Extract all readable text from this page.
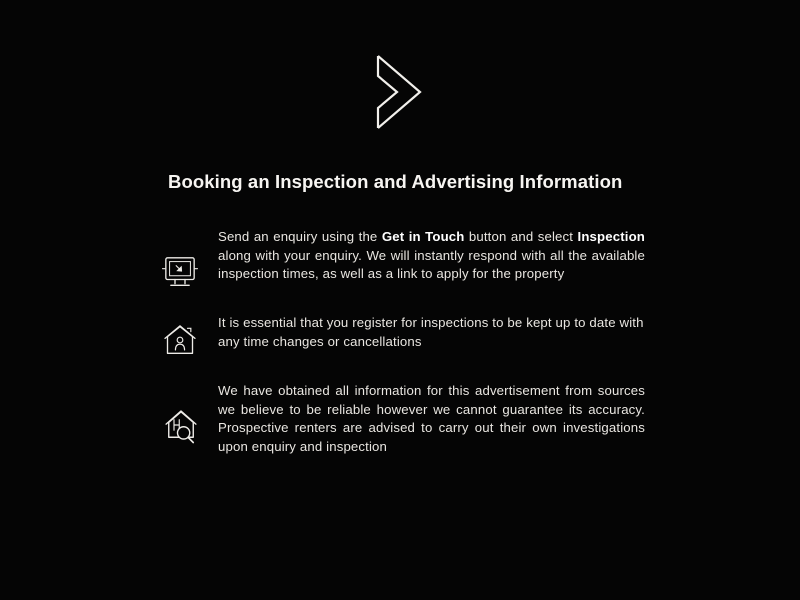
Booking an Inspection and Advertising Information
Send an enquiry using the Get in Touch button and select Inspection along with your enquiry. We will instantly respond with all the available inspection times, as well as a link to apply for the property
It is essential that you register for inspections to be kept up to date with any time changes or cancellations
We have obtained all information for this advertisement from sources we believe to be reliable however we cannot guarantee its accuracy. Prospective renters are advised to carry out their own investigations upon enquiry and inspection
